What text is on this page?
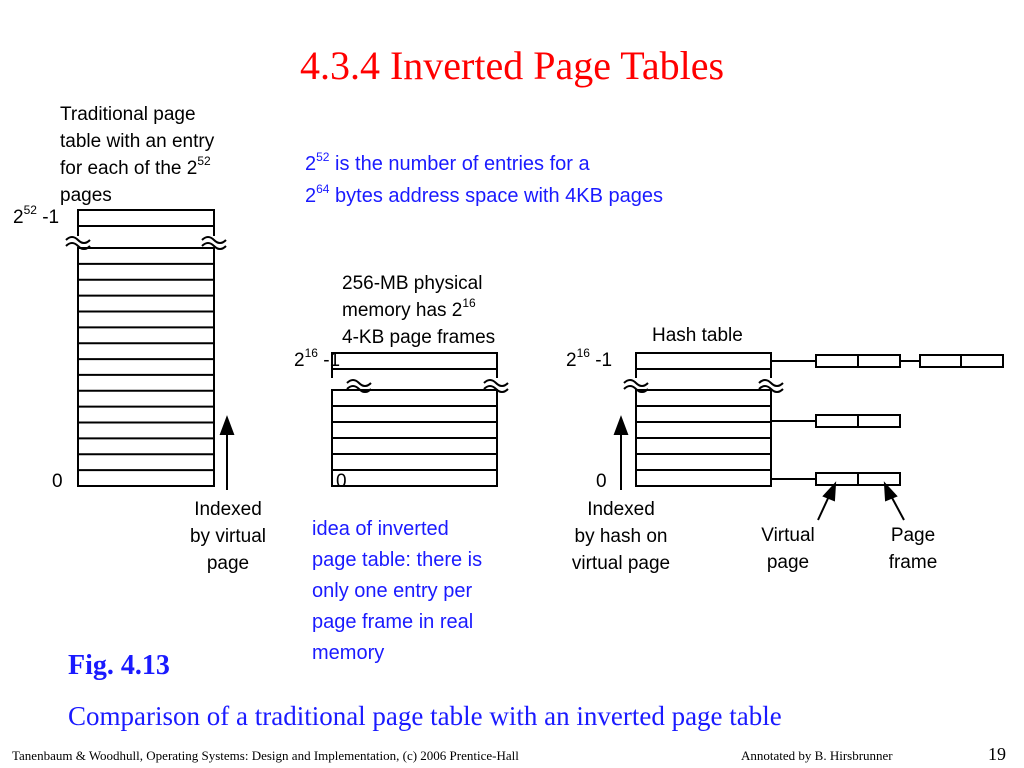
4.3.4 Inverted Page Tables
Traditional page
table with an entry
for each of the $2^{52}$
pages
$2^{52}$ -1
0
Indexed
by virtual
page
256-MB physical
memory has $2^{16}$
4-KB page frames
$2^{16}$ -1
0
Hash table
$2^{16}$ -1
0
Indexed
by hash on
virtual page
Virtual
page
Page
frame
$2^{52}$ is the number of entries for a
$2^{64}$ bytes address space with 4KB pages
idea of inverted
page table: there is
only one entry per
page frame in real
memory
Fig. 4.13
Comparison of a traditional page table with an inverted page table
Tanenbaum & Woodhull, Operating Systems: Design and Implementation, (c) 2006 Prentice-Hall	Annotated by B. Hirsbrunner	19
